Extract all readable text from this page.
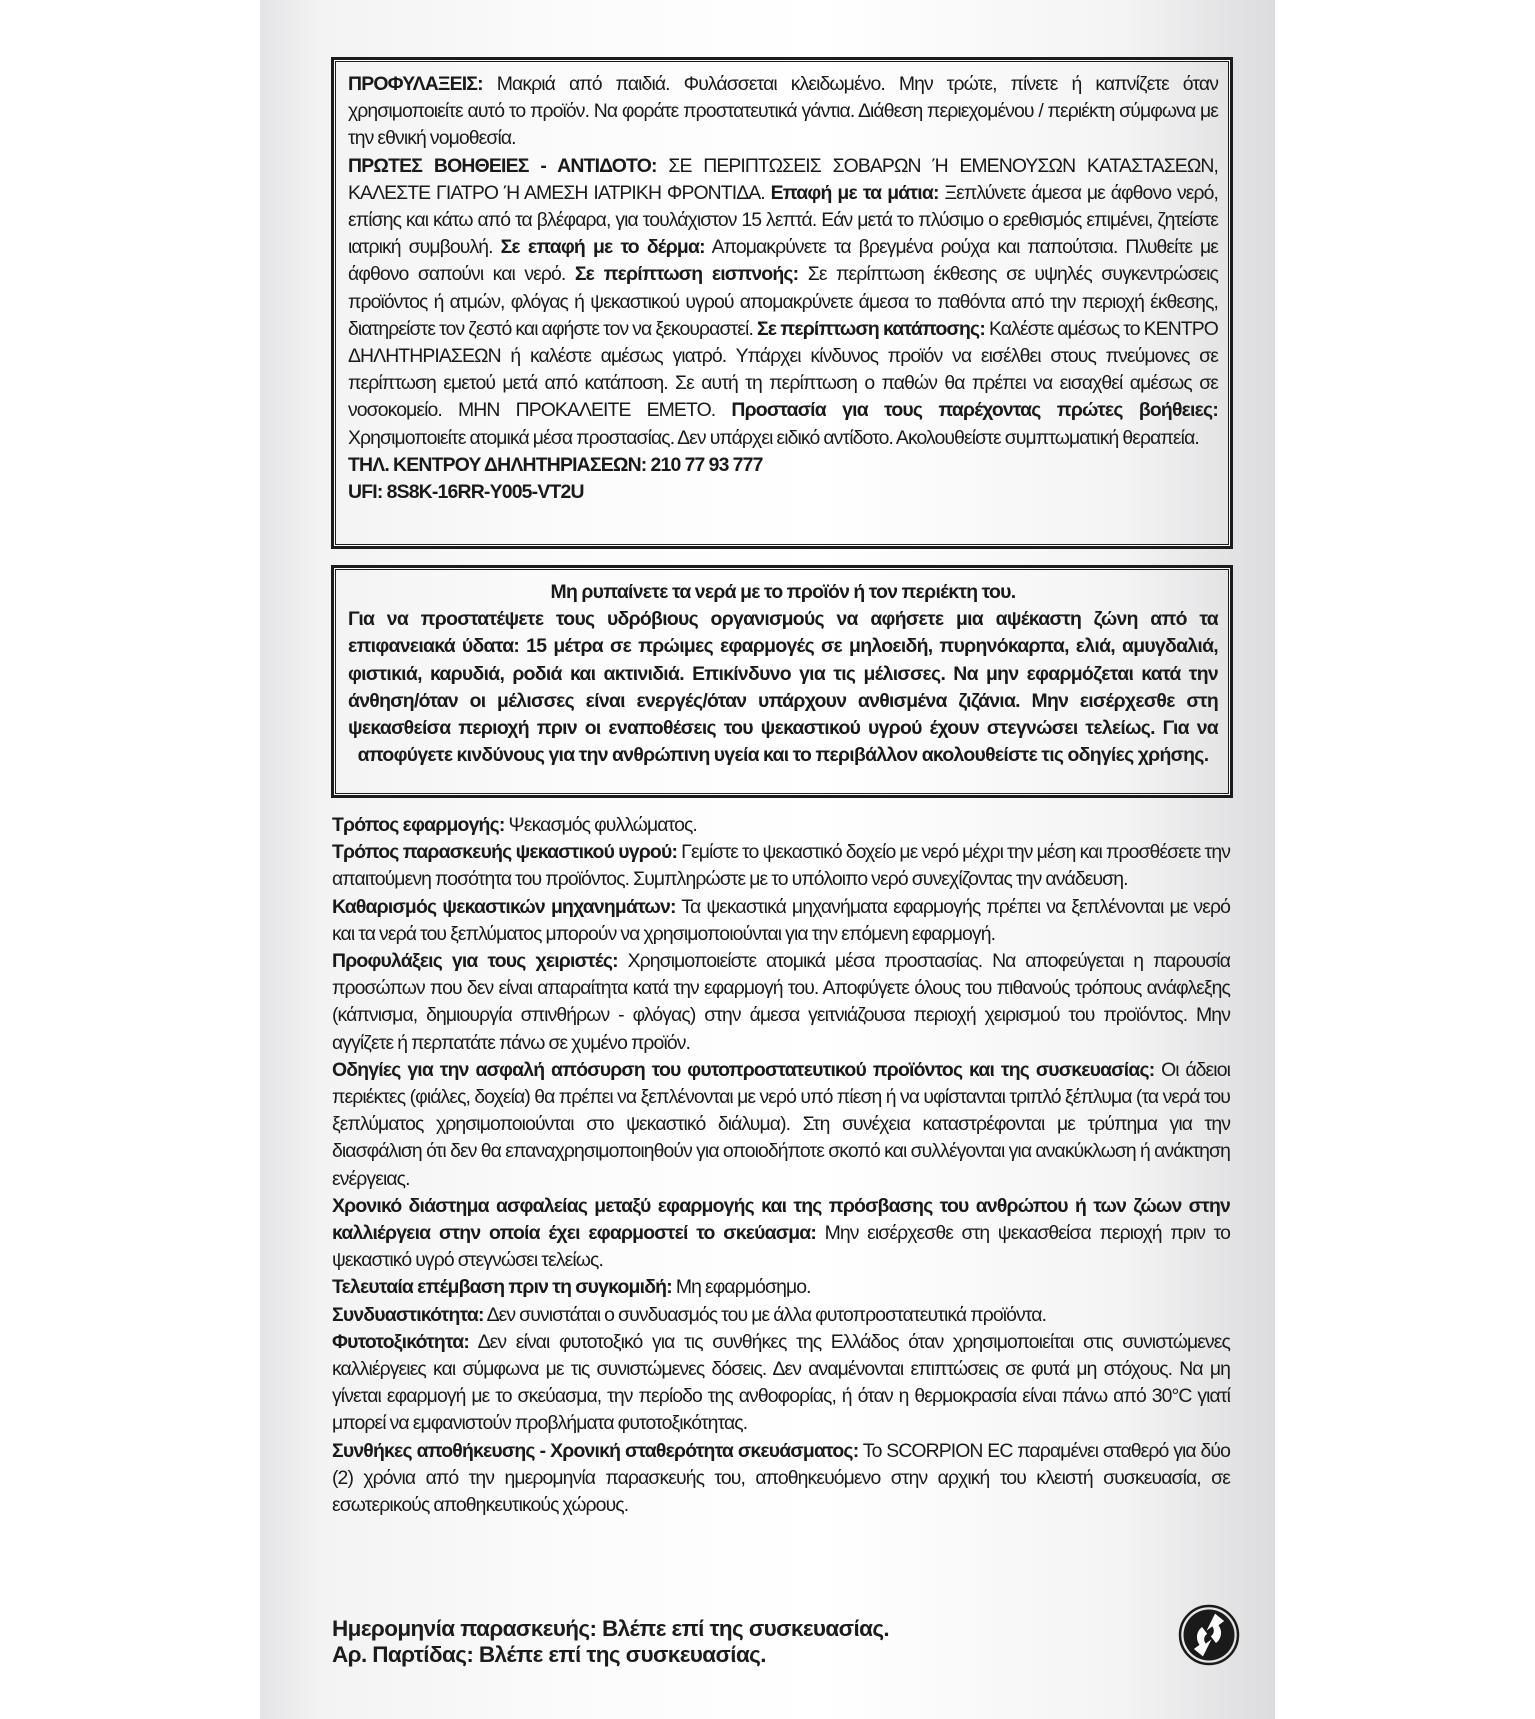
ΠΡΟΦΥΛΑΞΕΙΣ: Μακριά από παιδιά. Φυλάσσεται κλειδωμένο. Μην τρώτε, πίνετε ή καπνίζετε όταν χρησιμοποιείτε αυτό το προϊόν. Να φοράτε προστατευτικά γάντια. Διάθεση περιεχομένου / περιέκτη σύμφωνα με την εθνική νομοθεσία.

ΠΡΩΤΕΣ ΒΟΗΘΕΙΕΣ - ΑΝΤΙΔΟΤΟ: ΣΕ ΠΕΡΙΠΤΩΣΕΙΣ ΣΟΒΑΡΩΝ Ή ΕΜΕΝΟΥΣΩΝ ΚΑΤΑΣΤΑΣΕΩΝ, ΚΑΛΕΣΤΕ ΓΙΑΤΡΟ Ή ΑΜΕΣΗ ΙΑΤΡΙΚΗ ΦΡΟΝΤΙΔΑ. Επαφή με τα μάτια: Ξεπλύνετε άμεσα με άφθονο νερό, επίσης και κάτω από τα βλέφαρα, για τουλάχιστον 15 λεπτά. Εάν μετά το πλύσιμο ο ερεθισμός επιμένει, ζητείστε ιατρική συμβουλή. Σε επαφή με το δέρμα: Απομακρύνετε τα βρεγμένα ρούχα και παπούτσια. Πλυθείτε με άφθονο σαπούνι και νερό. Σε περίπτωση εισπνοής: Σε περίπτωση έκθεσης σε υψηλές συγκεντρώσεις προϊόντος ή ατμών, φλόγας ή ψεκαστικού υγρού απομακρύνετε άμεσα το παθόντα από την περιοχή έκθεσης, διατηρείστε τον ζεστό και αφήστε τον να ξεκουραστεί. Σε περίπτωση κατάποσης: Καλέστε αμέσως το ΚΕΝΤΡΟ ΔΗΛΗΤΗΡΙΑΣΕΩΝ ή καλέστε αμέσως γιατρό. Υπάρχει κίνδυνος προϊόν να εισέλθει στους πνεύμονες σε περίπτωση εμετού μετά από κατάποση. Σε αυτή τη περίπτωση ο παθών θα πρέπει να εισαχθεί αμέσως σε νοσοκομείο. ΜΗΝ ΠΡΟΚΑΛΕΙΤΕ ΕΜΕΤΟ. Προστασία για τους παρέχοντας πρώτες βοήθειες: Χρησιμοποιείτε ατομικά μέσα προστασίας. Δεν υπάρχει ειδικό αντίδοτο. Ακολουθείστε συμπτωματική θεραπεία.

ΤΗΛ. ΚΕΝΤΡΟΥ ΔΗΛΗΤΗΡΙΑΣΕΩΝ: 210 77 93 777

UFI: 8S8K-16RR-Y005-VT2U

Μη ρυπαίνετε τα νερά με το προϊόν ή τον περιέκτη του.

Για να προστατέψετε τους υδρόβιους οργανισμούς να αφήσετε μια αψέκαστη ζώνη από τα επιφανειακά ύδατα: 15 μέτρα σε πρώιμες εφαρμογές σε μηλοειδή, πυρηνόκαρπα, ελιά, αμυγδαλιά, φιστικιά, καρυδιά, ροδιά και ακτινιδιά. Επικίνδυνο για τις μέλισσες. Να μην εφαρμόζεται κατά την άνθηση/όταν οι μέλισσες είναι ενεργές/όταν υπάρχουν ανθισμένα ζιζάνια. Μην εισέρχεσθε στη ψεκασθείσα περιοχή πριν οι εναποθέσεις του ψεκαστικού υγρού έχουν στεγνώσει τελείως. Για να αποφύγετε κινδύνους για την ανθρώπινη υγεία και το περιβάλλον ακολουθείστε τις οδηγίες χρήσης.

Τρόπος εφαρμογής: Ψεκασμός φυλλώματος.

Τρόπος παρασκευής ψεκαστικού υγρού: Γεμίστε το ψεκαστικό δοχείο με νερό μέχρι την μέση και προσθέσετε την απαιτούμενη ποσότητα του προϊόντος. Συμπληρώστε με το υπόλοιπο νερό συνεχίζοντας την ανάδευση.

Καθαρισμός ψεκαστικών μηχανημάτων: Τα ψεκαστικά μηχανήματα εφαρμογής πρέπει να ξεπλένονται με νερό και τα νερά του ξεπλύματος μπορούν να χρησιμοποιούνται για την επόμενη εφαρμογή.

Προφυλάξεις για τους χειριστές: Χρησιμοποιείστε ατομικά μέσα προστασίας. Να αποφεύγεται η παρουσία προσώπων που δεν είναι απαραίτητα κατά την εφαρμογή του. Αποφύγετε όλους του πιθανούς τρόπους ανάφλεξης (κάπνισμα, δημιουργία σπινθήρων - φλόγας) στην άμεσα γειτνιάζουσα περιοχή χειρισμού του προϊόντος. Μην αγγίζετε ή περπατάτε πάνω σε χυμένο προϊόν.

Οδηγίες για την ασφαλή απόσυρση του φυτοπροστατευτικού προϊόντος και της συσκευασίας: Οι άδειοι περιέκτες (φιάλες, δοχεία) θα πρέπει να ξεπλένονται με νερό υπό πίεση ή να υφίστανται τριπλό ξέπλυμα (τα νερά του ξεπλύματος χρησιμοποιούνται στο ψεκαστικό διάλυμα). Στη συνέχεια καταστρέφονται με τρύπημα για την διασφάλιση ότι δεν θα επαναχρησιμοποιηθούν για οποιοδήποτε σκοπό και συλλέγονται για ανακύκλωση ή ανάκτηση ενέργειας.

Χρονικό διάστημα ασφαλείας μεταξύ εφαρμογής και της πρόσβασης του ανθρώπου ή των ζώων στην καλλιέργεια στην οποία έχει εφαρμοστεί το σκεύασμα: Μην εισέρχεσθε στη ψεκασθείσα περιοχή πριν το ψεκαστικό υγρό στεγνώσει τελείως.

Τελευταία επέμβαση πριν τη συγκομιδή: Μη εφαρμόσημο.

Συνδυαστικότητα: Δεν συνιστάται ο συνδυασμός του με άλλα φυτοπροστατευτικά προϊόντα.

Φυτοτοξικότητα: Δεν είναι φυτοτοξικό για τις συνθήκες της Ελλάδος όταν χρησιμοποιείται στις συνιστώμενες καλλιέργειες και σύμφωνα με τις συνιστώμενες δόσεις. Δεν αναμένονται επιπτώσεις σε φυτά μη στόχους. Να μη γίνεται εφαρμογή με το σκεύασμα, την περίοδο της ανθοφορίας, ή όταν η θερμοκρασία είναι πάνω από 30°C γιατί μπορεί να εμφανιστούν προβλήματα φυτοτοξικότητας.

Συνθήκες αποθήκευσης - Χρονική σταθερότητα σκευάσματος: Το SCORPION EC παραμένει σταθερό για δύο (2) χρόνια από την ημερομηνία παρασκευής του, αποθηκευόμενο στην αρχική του κλειστή συσκευασία, σε εσωτερικούς αποθηκευτικούς χώρους.

Ημερομηνία παρασκευής: Βλέπε επί της συσκευασίας.
Αρ. Παρτίδας: Βλέπε επί της συσκευασίας.
